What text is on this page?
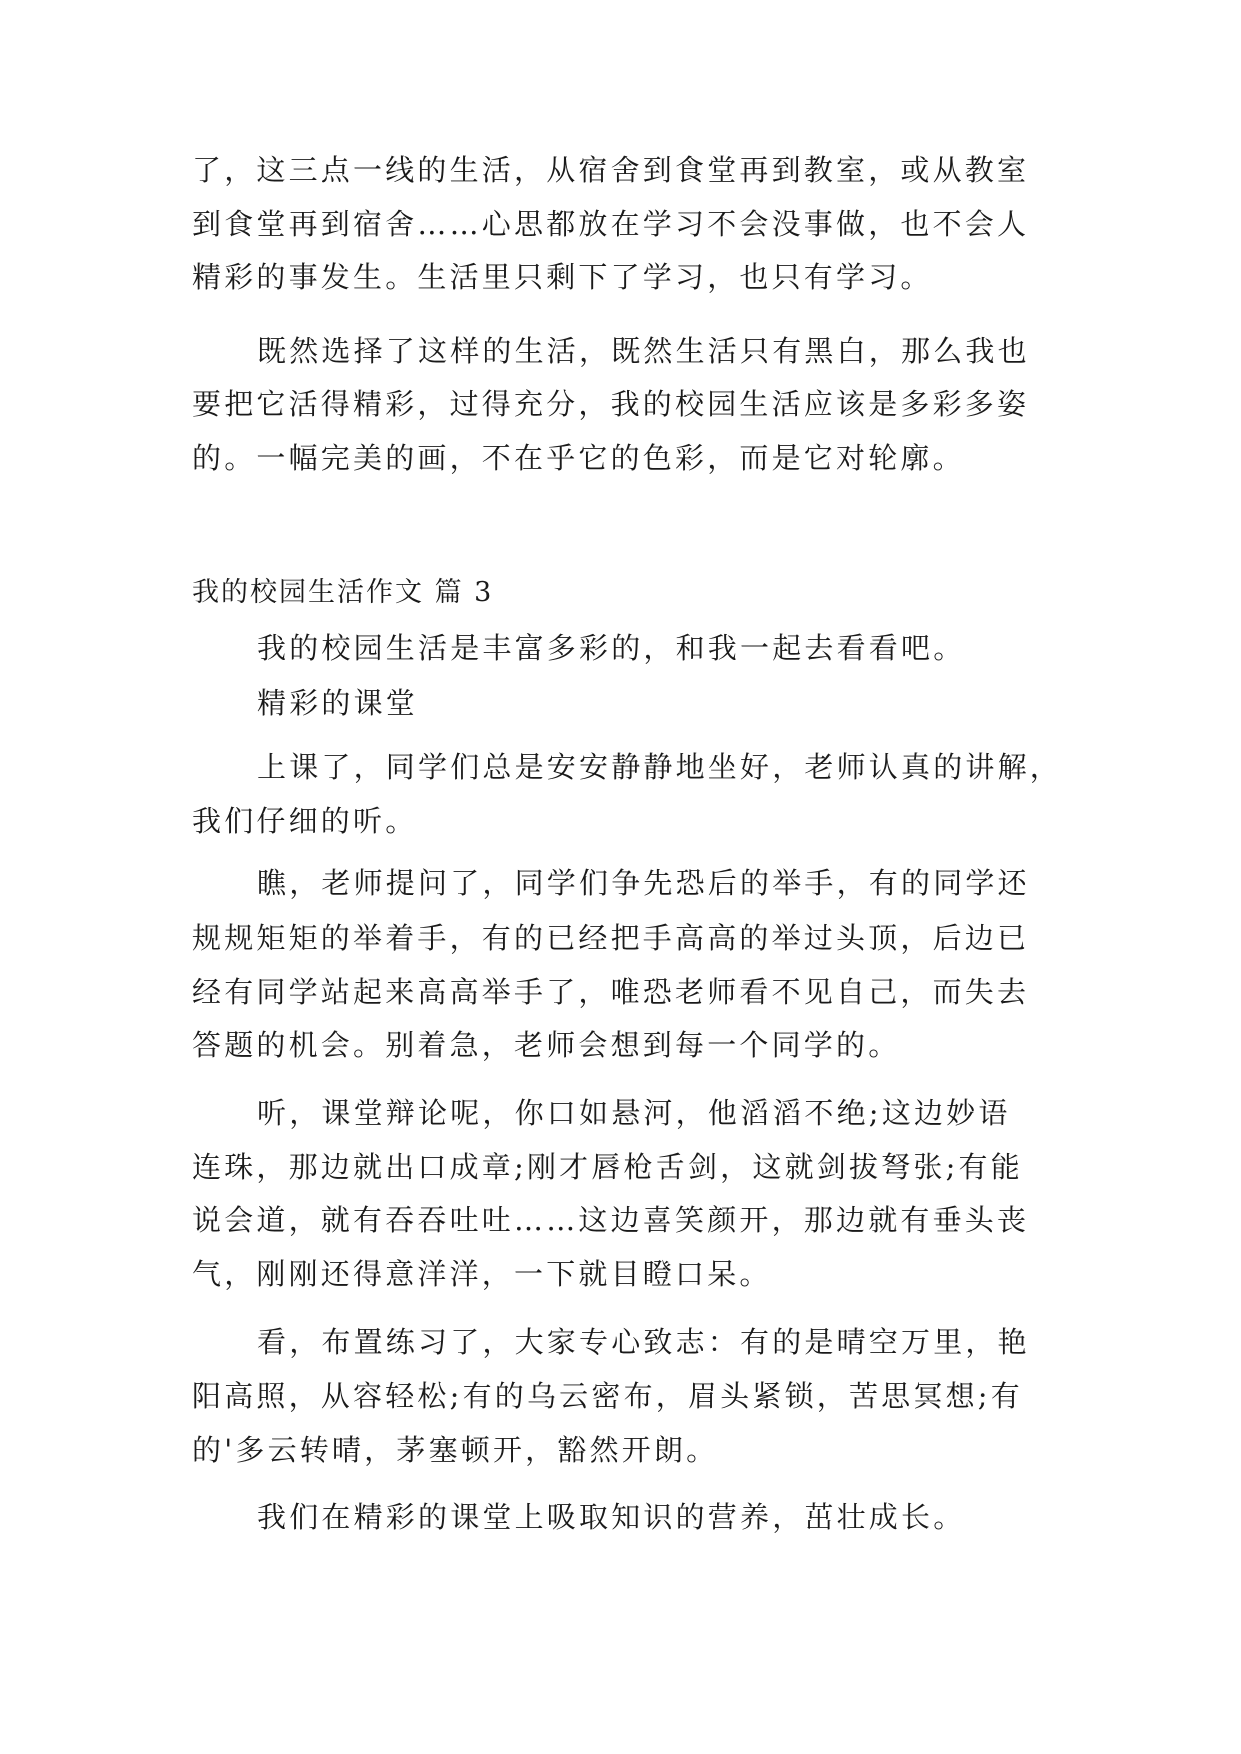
了，这三点一线的生活，从宿舍到食堂再到教室，或从教室
到食堂再到宿舍……心思都放在学习不会没事做，也不会人
精彩的事发生。生活里只剩下了学习，也只有学习。
既然选择了这样的生活，既然生活只有黑白，那么我也
要把它活得精彩，过得充分，我的校园生活应该是多彩多姿
的。一幅完美的画，不在乎它的色彩，而是它对轮廓。
我的校园生活作文 篇 3
我的校园生活是丰富多彩的，和我一起去看看吧。
精彩的课堂
上课了，同学们总是安安静静地坐好，老师认真的讲解，
我们仔细的听。
瞧，老师提问了，同学们争先恐后的举手，有的同学还
规规矩矩的举着手，有的已经把手高高的举过头顶，后边已
经有同学站起来高高举手了，唯恐老师看不见自己，而失去
答题的机会。别着急，老师会想到每一个同学的。
听，课堂辩论呢，你口如悬河，他滔滔不绝;这边妙语
连珠，那边就出口成章;刚才唇枪舌剑，这就剑拔弩张;有能
说会道，就有吞吞吐吐……这边喜笑颜开，那边就有垂头丧
气，刚刚还得意洋洋，一下就目瞪口呆。
看，布置练习了，大家专心致志：有的是晴空万里，艳
阳高照，从容轻松;有的乌云密布，眉头紧锁，苦思冥想;有
的'多云转晴，茅塞顿开，豁然开朗。
我们在精彩的课堂上吸取知识的营养，茁壮成长。
